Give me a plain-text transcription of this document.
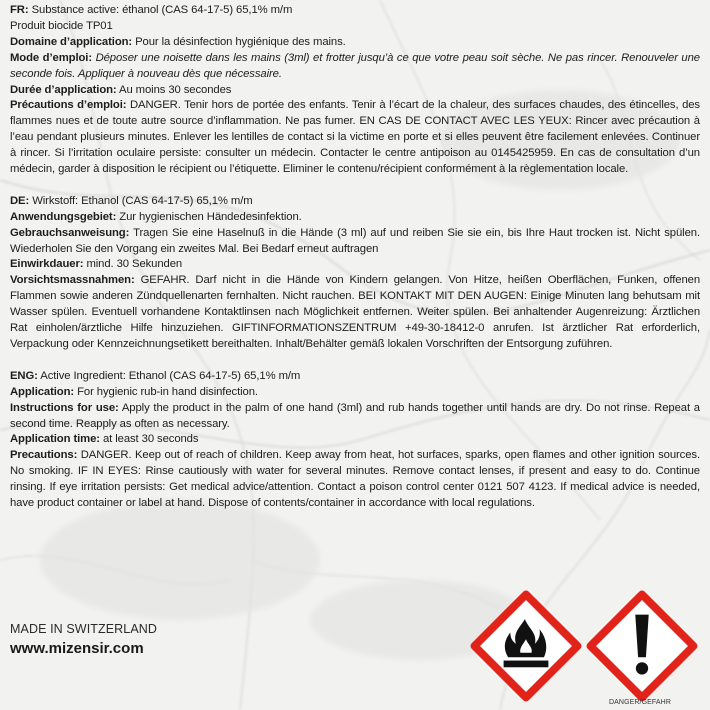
FR: Substance active: éthanol (CAS 64-17-5) 65,1% m/m

Produit biocide TP01

Domaine d’application: Pour la désinfection hygiénique des mains.

Mode d’emploi: Déposer une noisette dans les mains (3ml) et frotter jusqu’à ce que votre peau soit sèche. Ne pas rincer. Renouveler une seconde fois. Appliquer à nouveau dès que nécessaire.

Durée d’application: Au moins 30 secondes

Précautions d’emploi: DANGER. Tenir hors de portée des enfants. Tenir à l’écart de la chaleur, des surfaces chaudes, des étincelles, des flammes nues et de toute autre source d’inflammation. Ne pas fumer. EN CAS DE CONTACT AVEC LES YEUX: Rincer avec précaution à l’eau pendant plusieurs minutes. Enlever les lentilles de contact si la victime en porte et si elles peuvent être facilement enlevées. Continuer à rincer. Si l’irritation oculaire persiste: consulter un médecin. Contacter le centre antipoison au 0145425959. En cas de consultation d’un médecin, garder à disposition le récipient ou l’étiquette. Eliminer le contenu/récipient conformément à la règlementation locale.

DE: Wirkstoff: Ethanol (CAS 64-17-5) 65,1% m/m

Anwendungsgebiet: Zur hygienischen Händedesinfektion.

Gebrauchsanweisung: Tragen Sie eine Haselnuß in die Hände (3 ml) auf und reiben Sie sie ein, bis Ihre Haut trocken ist. Nicht spülen. Wiederholen Sie den Vorgang ein zweites Mal. Bei Bedarf erneut auftragen

Einwirkdauer: mind. 30 Sekunden

Vorsichtsmassnahmen: GEFAHR. Darf nicht in die Hände von Kindern gelangen. Von Hitze, heißen Oberflächen, Funken, offenen Flammen sowie anderen Zündquellenarten fernhalten. Nicht rauchen. BEI KONTAKT MIT DEN AUGEN: Einige Minuten lang behutsam mit Wasser spülen. Eventuell vorhandene Kontaktlinsen nach Möglichkeit entfernen. Weiter spülen. Bei anhaltender Augenreizung: Ärztlichen Rat einholen/ärztliche Hilfe hinzuziehen. GIFTINFORMATIONSZENTRUM +49-30-18412-0 anrufen. Ist ärztlicher Rat erforderlich, Verpackung oder Kennzeichnungsetikett bereithalten. Inhalt/Behälter gemäß lokalen Vorschriften der Entsorgung zuführen.

ENG: Active Ingredient: Ethanol (CAS 64-17-5) 65,1% m/m

Application: For hygienic rub-in hand disinfection.

Instructions for use: Apply the product in the palm of one hand (3ml) and rub hands together until hands are dry. Do not rinse. Repeat a second time. Reapply as often as necessary.

Application time: at least 30 seconds

Precautions: DANGER. Keep out of reach of children. Keep away from heat, hot surfaces, sparks, open flames and other ignition sources. No smoking. IF IN EYES: Rinse cautiously with water for several minutes. Remove contact lenses, if present and easy to do. Continue rinsing. If eye irritation persists: Get medical advice/attention. Contact a poison control center 0121 507 4123. If medical advice is needed, have product container or label at hand. Dispose of contents/container in accordance with local regulations.

MADE IN SWITZERLAND
www.mizensir.com
DANGER/GEFAHR
